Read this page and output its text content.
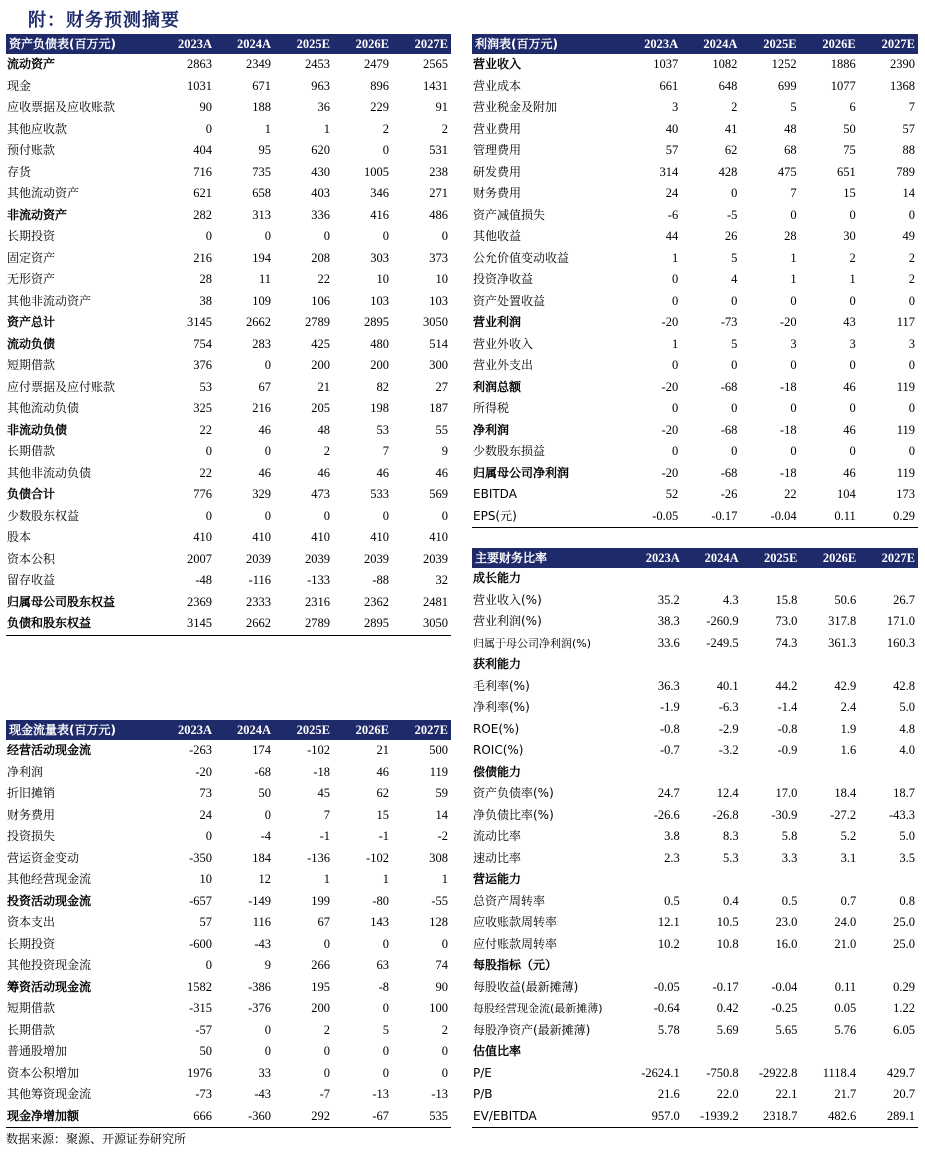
附：财务预测摘要
资产负债表(百万元)	2023A	2024A	2025E	2026E	2027E
流动资产	2863	2349	2453	2479	2565
现金	1031	671	963	896	1431
应收票据及应收账款	90	188	36	229	91
其他应收款	0	1	1	2	2
预付账款	404	95	620	0	531
存货	716	735	430	1005	238
其他流动资产	621	658	403	346	271
非流动资产	282	313	336	416	486
长期投资	0	0	0	0	0
固定资产	216	194	208	303	373
无形资产	28	11	22	10	10
其他非流动资产	38	109	106	103	103
资产总计	3145	2662	2789	2895	3050
流动负债	754	283	425	480	514
短期借款	376	0	200	200	300
应付票据及应付账款	53	67	21	82	27
其他流动负债	325	216	205	198	187
非流动负债	22	46	48	53	55
长期借款	0	0	2	7	9
其他非流动负债	22	46	46	46	46
负债合计	776	329	473	533	569
少数股东权益	0	0	0	0	0
股本	410	410	410	410	410
资本公积	2007	2039	2039	2039	2039
留存收益	-48	-116	-133	-88	32
归属母公司股东权益	2369	2333	2316	2362	2481
负债和股东权益	3145	2662	2789	2895	3050
利润表(百万元)	2023A	2024A	2025E	2026E	2027E
营业收入	1037	1082	1252	1886	2390
营业成本	661	648	699	1077	1368
营业税金及附加	3	2	5	6	7
营业费用	40	41	48	50	57
管理费用	57	62	68	75	88
研发费用	314	428	475	651	789
财务费用	24	0	7	15	14
资产减值损失	-6	-5	0	0	0
其他收益	44	26	28	30	49
公允价值变动收益	1	5	1	2	2
投资净收益	0	4	1	1	2
资产处置收益	0	0	0	0	0
营业利润	-20	-73	-20	43	117
营业外收入	1	5	3	3	3
营业外支出	0	0	0	0	0
利润总额	-20	-68	-18	46	119
所得税	0	0	0	0	0
净利润	-20	-68	-18	46	119
少数股东损益	0	0	0	0	0
归属母公司净利润	-20	-68	-18	46	119
EBITDA	52	-26	22	104	173
EPS(元)	-0.05	-0.17	-0.04	0.11	0.29
主要财务比率	2023A	2024A	2025E	2026E	2027E
成长能力					
营业收入(%)	35.2	4.3	15.8	50.6	26.7
营业利润(%)	38.3	-260.9	73.0	317.8	171.0
归属于母公司净利润(%)	33.6	-249.5	74.3	361.3	160.3
获利能力					
毛利率(%)	36.3	40.1	44.2	42.9	42.8
净利率(%)	-1.9	-6.3	-1.4	2.4	5.0
ROE(%)	-0.8	-2.9	-0.8	1.9	4.8
ROIC(%)	-0.7	-3.2	-0.9	1.6	4.0
偿债能力					
资产负债率(%)	24.7	12.4	17.0	18.4	18.7
净负债比率(%)	-26.6	-26.8	-30.9	-27.2	-43.3
流动比率	3.8	8.3	5.8	5.2	5.0
速动比率	2.3	5.3	3.3	3.1	3.5
营运能力					
总资产周转率	0.5	0.4	0.5	0.7	0.8
应收账款周转率	12.1	10.5	23.0	24.0	25.0
应付账款周转率	10.2	10.8	16.0	21.0	25.0
每股指标（元）					
每股收益(最新摊薄)	-0.05	-0.17	-0.04	0.11	0.29
每股经营现金流(最新摊薄)	-0.64	0.42	-0.25	0.05	1.22
每股净资产(最新摊薄)	5.78	5.69	5.65	5.76	6.05
估值比率					
P/E	-2624.1	-750.8	-2922.8	1118.4	429.7
P/B	21.6	22.0	22.1	21.7	20.7
EV/EBITDA	957.0	-1939.2	2318.7	482.6	289.1
现金流量表(百万元)	2023A	2024A	2025E	2026E	2027E
经营活动现金流	-263	174	-102	21	500
净利润	-20	-68	-18	46	119
折旧摊销	73	50	45	62	59
财务费用	24	0	7	15	14
投资损失	0	-4	-1	-1	-2
营运资金变动	-350	184	-136	-102	308
其他经营现金流	10	12	1	1	1
投资活动现金流	-657	-149	199	-80	-55
资本支出	57	116	67	143	128
长期投资	-600	-43	0	0	0
其他投资现金流	0	9	266	63	74
筹资活动现金流	1582	-386	195	-8	90
短期借款	-315	-376	200	0	100
长期借款	-57	0	2	5	2
普通股增加	50	0	0	0	0
资本公积增加	1976	33	0	0	0
其他筹资现金流	-73	-43	-7	-13	-13
现金净增加额	666	-360	292	-67	535
数据来源：聚源、开源证券研究所
